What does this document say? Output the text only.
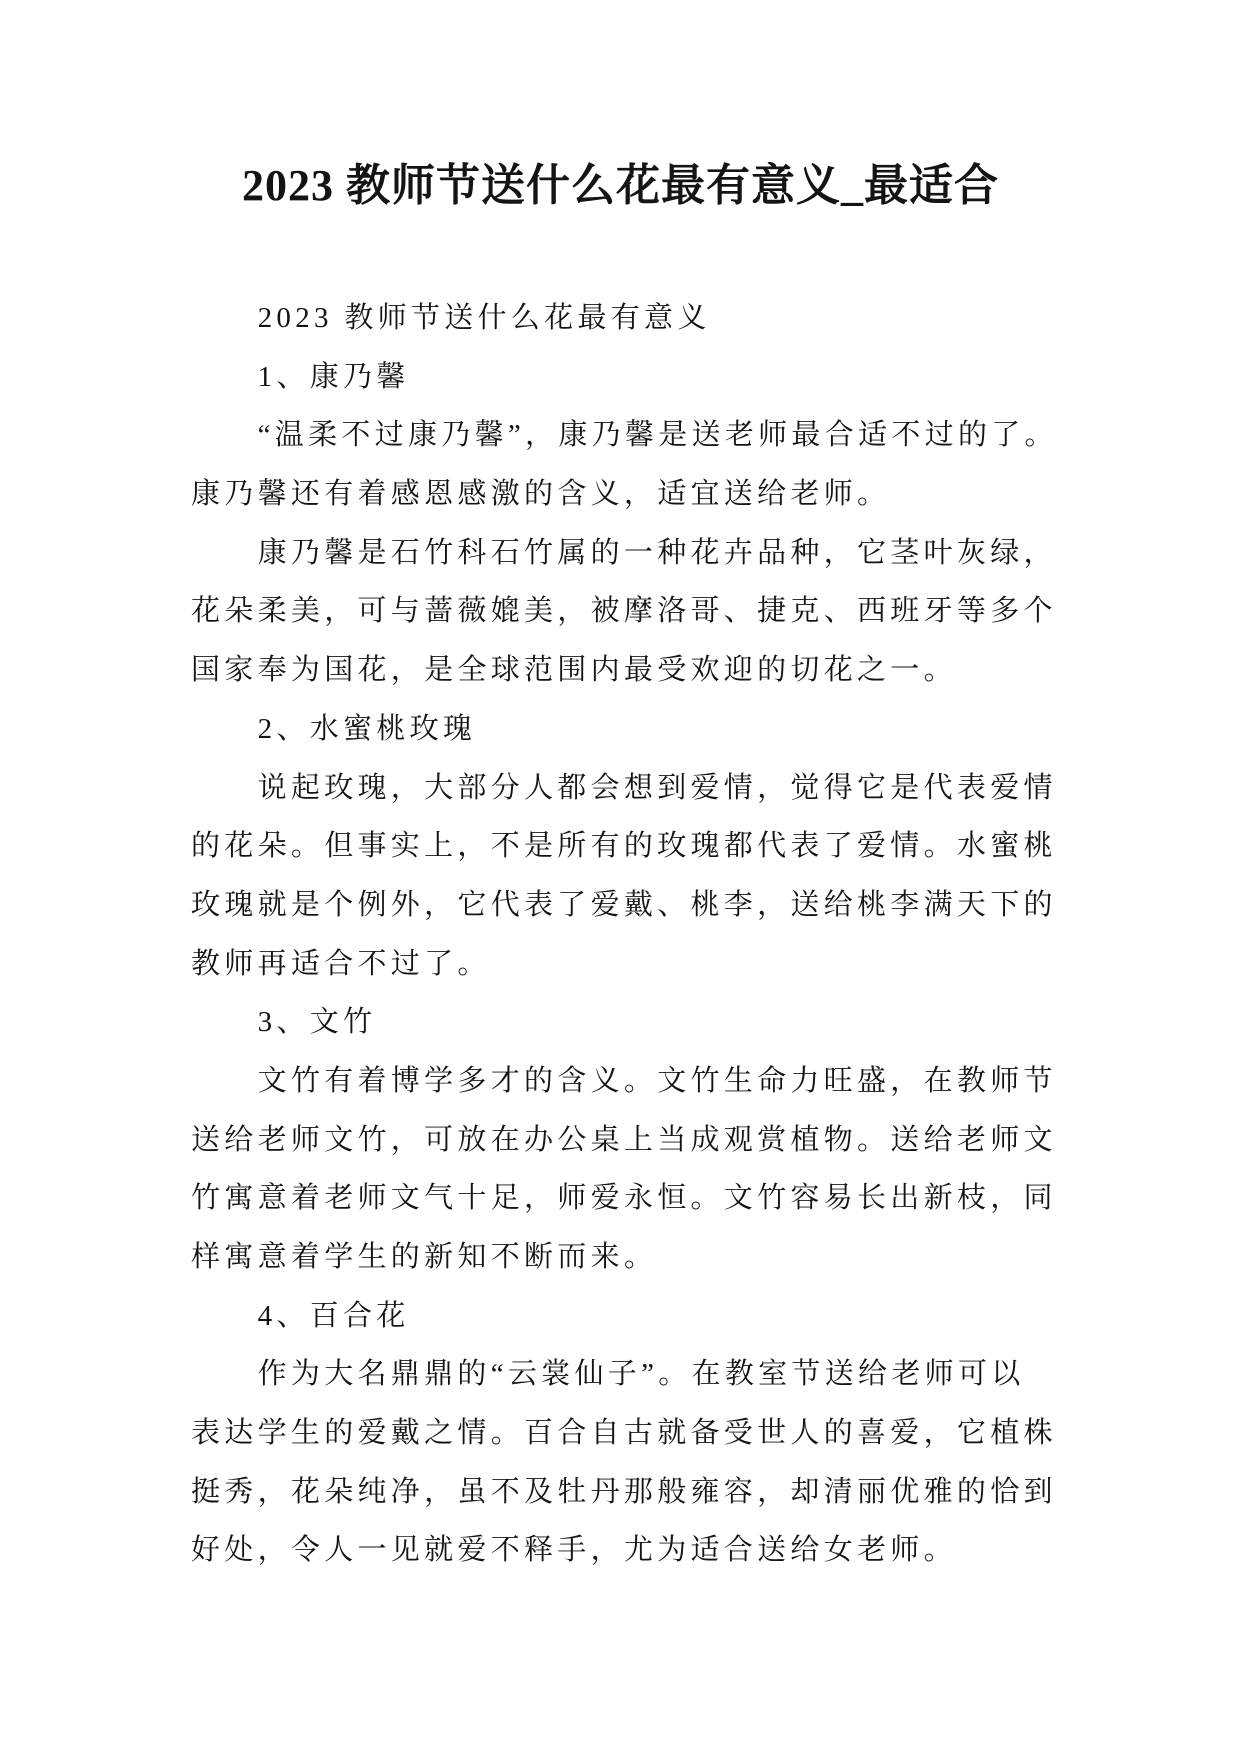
2023 教师节送什么花最有意义_最适合
2023 教师节送什么花最有意义
1、康乃馨
“温柔不过康乃馨”，康乃馨是送老师最合适不过的了。
康乃馨还有着感恩感激的含义，适宜送给老师。
康乃馨是石竹科石竹属的一种花卉品种，它茎叶灰绿，
花朵柔美，可与蔷薇媲美，被摩洛哥、捷克、西班牙等多个
国家奉为国花，是全球范围内最受欢迎的切花之一。
2、水蜜桃玫瑰
说起玫瑰，大部分人都会想到爱情，觉得它是代表爱情
的花朵。但事实上，不是所有的玫瑰都代表了爱情。水蜜桃
玫瑰就是个例外，它代表了爱戴、桃李，送给桃李满天下的
教师再适合不过了。
3、文竹
文竹有着博学多才的含义。文竹生命力旺盛，在教师节
送给老师文竹，可放在办公桌上当成观赏植物。送给老师文
竹寓意着老师文气十足，师爱永恒。文竹容易长出新枝，同
样寓意着学生的新知不断而来。
4、百合花
作为大名鼎鼎的“云裳仙子”。在教室节送给老师可以
表达学生的爱戴之情。百合自古就备受世人的喜爱，它植株
挺秀，花朵纯净，虽不及牡丹那般雍容，却清丽优雅的恰到
好处，令人一见就爱不释手，尤为适合送给女老师。
